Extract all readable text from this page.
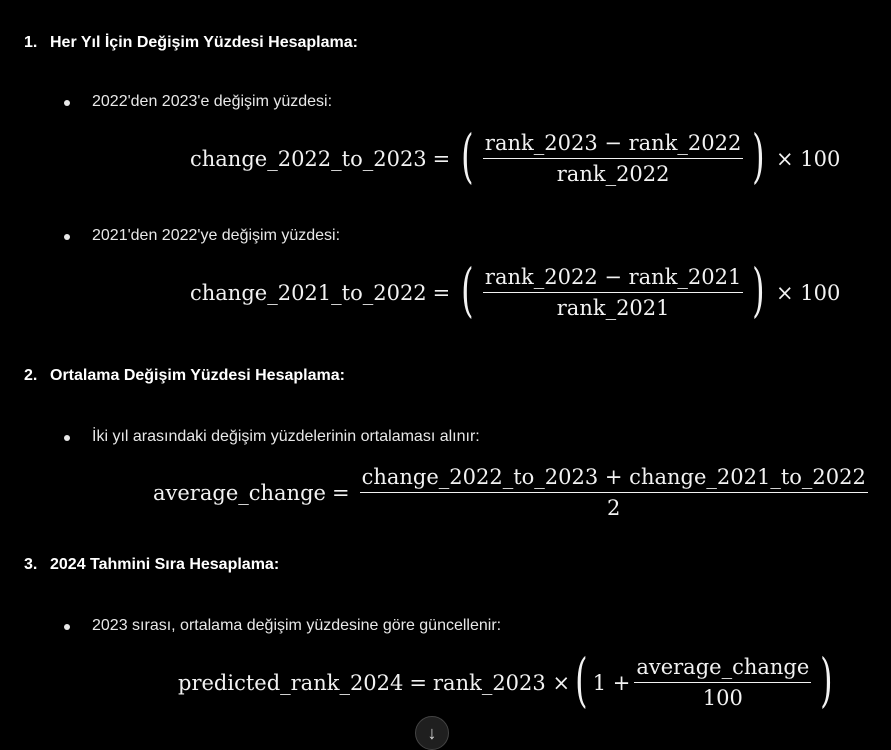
1. Her Yıl İçin Değişim Yüzdesi Hesaplama:
2022'den 2023'e değişim yüzdesi:
change_2022_to_2023 = ( $\frac{\text{rank\_2023 − rank\_2022}}{\text{rank\_2022}}$ ) × 100
2021'den 2022'ye değişim yüzdesi:
change_2021_to_2022 = ( $\frac{\text{rank\_2022 − rank\_2021}}{\text{rank\_2021}}$ ) × 100
2. Ortalama Değişim Yüzdesi Hesaplama:
İki yıl arasındaki değişim yüzdelerinin ortalaması alınır:
average_change = $\frac{\text{change\_2022\_to\_2023 + change\_2021\_to\_2022}}{2}$
3. 2024 Tahmini Sıra Hesaplama:
2023 sırası, ortalama değişim yüzdesine göre güncellenir:
predicted_rank_2024 = rank_2023 × ( $1 + \frac{\text{average\_change}}{100}$ )
↓
